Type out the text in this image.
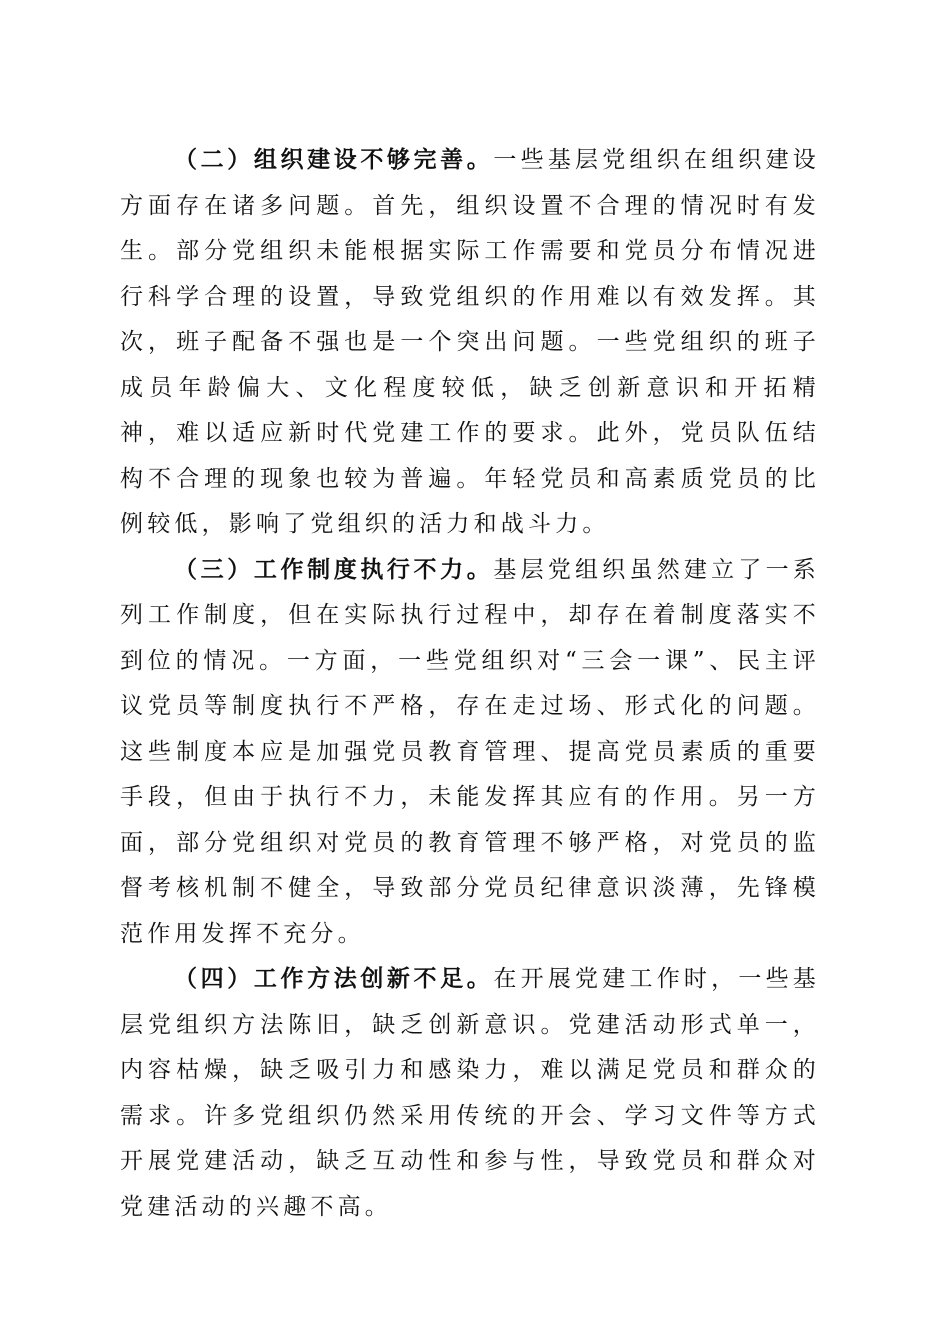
（二）组织建设不够完善。一些基层党组织在组织建设方面存在诸多问题。首先，组织设置不合理的情况时有发生。部分党组织未能根据实际工作需要和党员分布情况进行科学合理的设置，导致党组织的作用难以有效发挥。其次，班子配备不强也是一个突出问题。一些党组织的班子成员年龄偏大、文化程度较低，缺乏创新意识和开拓精神，难以适应新时代党建工作的要求。此外，党员队伍结构不合理的现象也较为普遍。年轻党员和高素质党员的比例较低，影响了党组织的活力和战斗力。

（三）工作制度执行不力。基层党组织虽然建立了一系列工作制度，但在实际执行过程中，却存在着制度落实不到位的情况。一方面，一些党组织对“三会一课”、民主评议党员等制度执行不严格，存在走过场、形式化的问题。这些制度本应是加强党员教育管理、提高党员素质的重要手段，但由于执行不力，未能发挥其应有的作用。另一方面，部分党组织对党员的教育管理不够严格，对党员的监督考核机制不健全，导致部分党员纪律意识淡薄，先锋模范作用发挥不充分。

（四）工作方法创新不足。在开展党建工作时，一些基层党组织方法陈旧，缺乏创新意识。党建活动形式单一，内容枯燥，缺乏吸引力和感染力，难以满足党员和群众的需求。许多党组织仍然采用传统的开会、学习文件等方式开展党建活动，缺乏互动性和参与性，导致党员和群众对党建活动的兴趣不高。
